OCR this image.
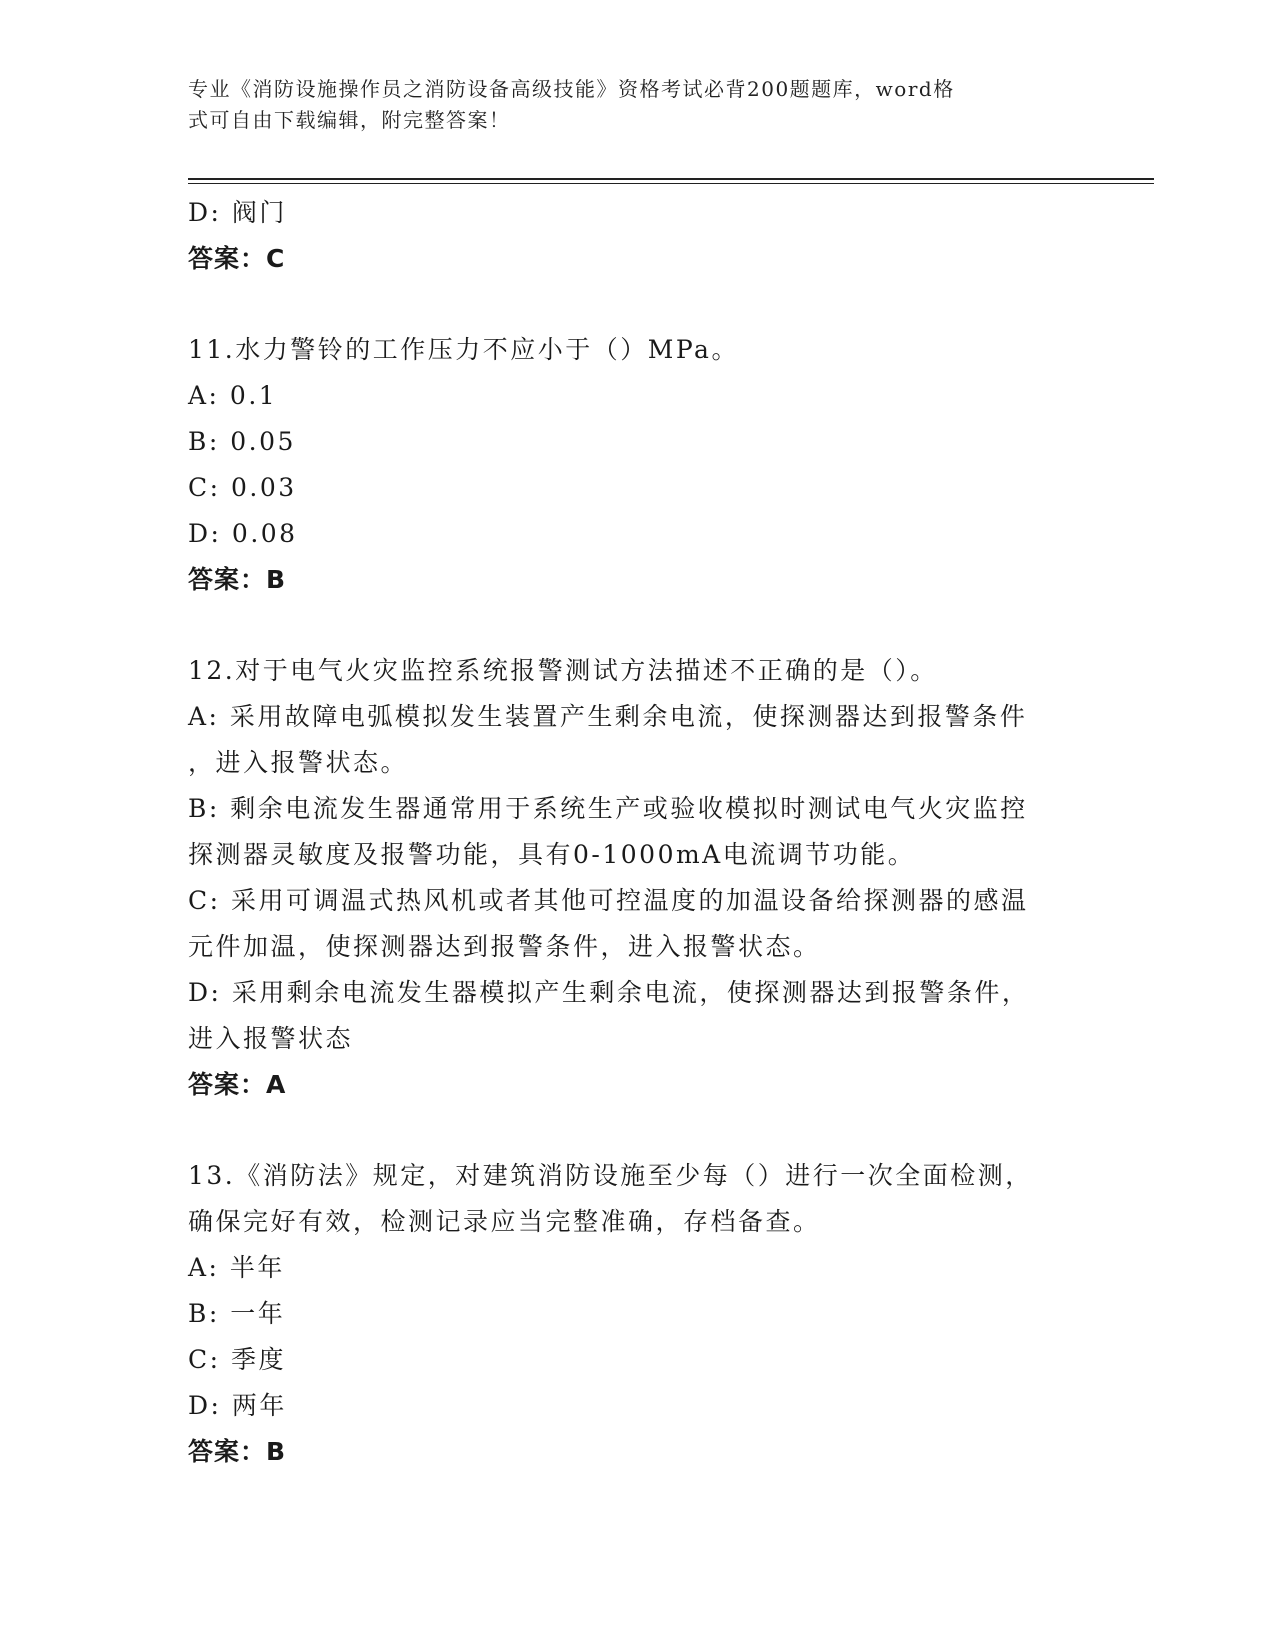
专业《消防设施操作员之消防设备高级技能》资格考试必背200题题库，word格
式可自由下载编辑，附完整答案！

D: 阀门

答案：C

11.水力警铃的工作压力不应小于（）MPa。

A: 0.1

B: 0.05

C: 0.03

D: 0.08

答案：B

12.对于电气火灾监控系统报警测试方法描述不正确的是（）。

A: 采用故障电弧模拟发生装置产生剩余电流，使探测器达到报警条件

，进入报警状态。

B: 剩余电流发生器通常用于系统生产或验收模拟时测试电气火灾监控

探测器灵敏度及报警功能，具有0-1000mA电流调节功能。

C: 采用可调温式热风机或者其他可控温度的加温设备给探测器的感温

元件加温，使探测器达到报警条件，进入报警状态。

D: 采用剩余电流发生器模拟产生剩余电流，使探测器达到报警条件，

进入报警状态

答案：A

13.《消防法》规定，对建筑消防设施至少每（）进行一次全面检测，

确保完好有效，检测记录应当完整准确，存档备查。

A: 半年

B: 一年

C: 季度

D: 两年

答案：B
